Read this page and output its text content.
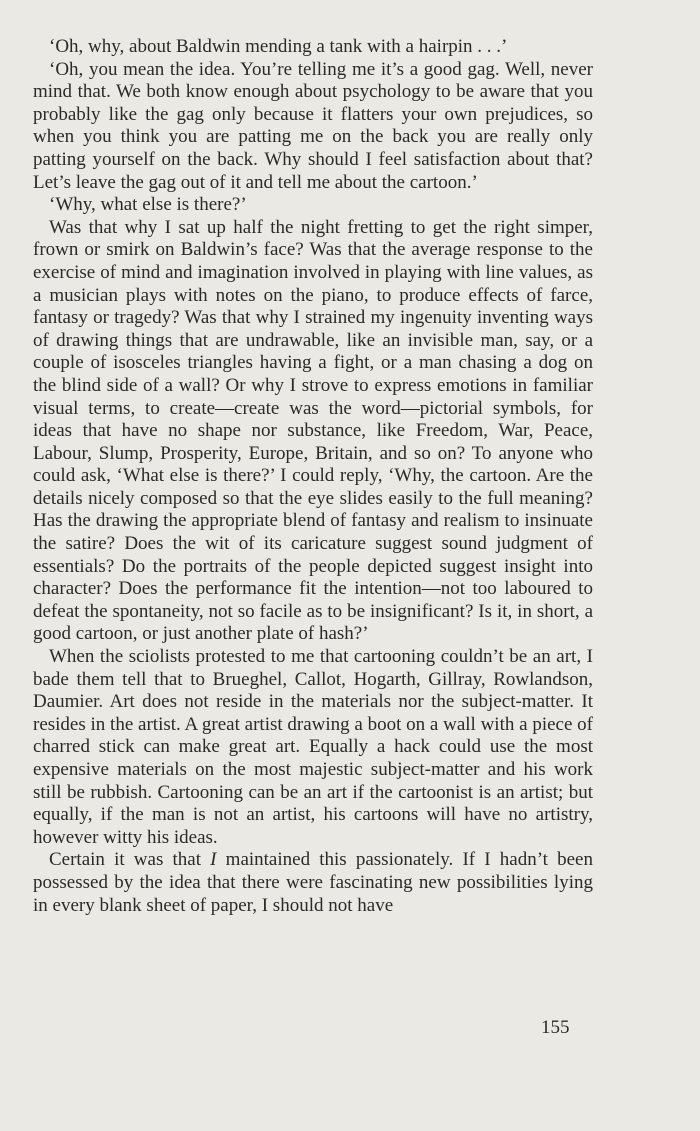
‘Oh, why, about Baldwin mending a tank with a hairpin . . .’

‘Oh, you mean the idea. You’re telling me it’s a good gag. Well, never mind that. We both know enough about psychology to be aware that you probably like the gag only because it flatters your own prejudices, so when you think you are patting me on the back you are really only patting yourself on the back. Why should I feel satisfaction about that? Let’s leave the gag out of it and tell me about the cartoon.’

‘Why, what else is there?’

Was that why I sat up half the night fretting to get the right simper, frown or smirk on Baldwin’s face? Was that the average response to the exercise of mind and imagination involved in playing with line values, as a musician plays with notes on the piano, to produce effects of farce, fantasy or tragedy? Was that why I strained my ingenuity inventing ways of drawing things that are undrawable, like an invisible man, say, or a couple of isosceles triangles having a fight, or a man chasing a dog on the blind side of a wall? Or why I strove to express emotions in familiar visual terms, to create—create was the word—pictorial symbols, for ideas that have no shape nor substance, like Freedom, War, Peace, Labour, Slump, Prosperity, Europe, Britain, and so on? To anyone who could ask, ‘What else is there?’ I could reply, ‘Why, the cartoon. Are the details nicely composed so that the eye slides easily to the full meaning? Has the drawing the appropriate blend of fantasy and realism to insinuate the satire? Does the wit of its caricature suggest sound judgment of essentials? Do the portraits of the people depicted suggest insight into character? Does the performance fit the intention—not too laboured to defeat the spontaneity, not so facile as to be insignificant? Is it, in short, a good cartoon, or just another plate of hash?’

When the sciolists protested to me that cartooning couldn’t be an art, I bade them tell that to Brueghel, Callot, Hogarth, Gillray, Rowlandson, Daumier. Art does not reside in the materials nor the subject-matter. It resides in the artist. A great artist drawing a boot on a wall with a piece of charred stick can make great art. Equally a hack could use the most expensive materials on the most majestic subject-matter and his work still be rubbish. Cartooning can be an art if the cartoonist is an artist; but equally, if the man is not an artist, his cartoons will have no artistry, however witty his ideas.

Certain it was that I maintained this passionately. If I hadn’t been possessed by the idea that there were fascinating new possibilities lying in every blank sheet of paper, I should not have

155
